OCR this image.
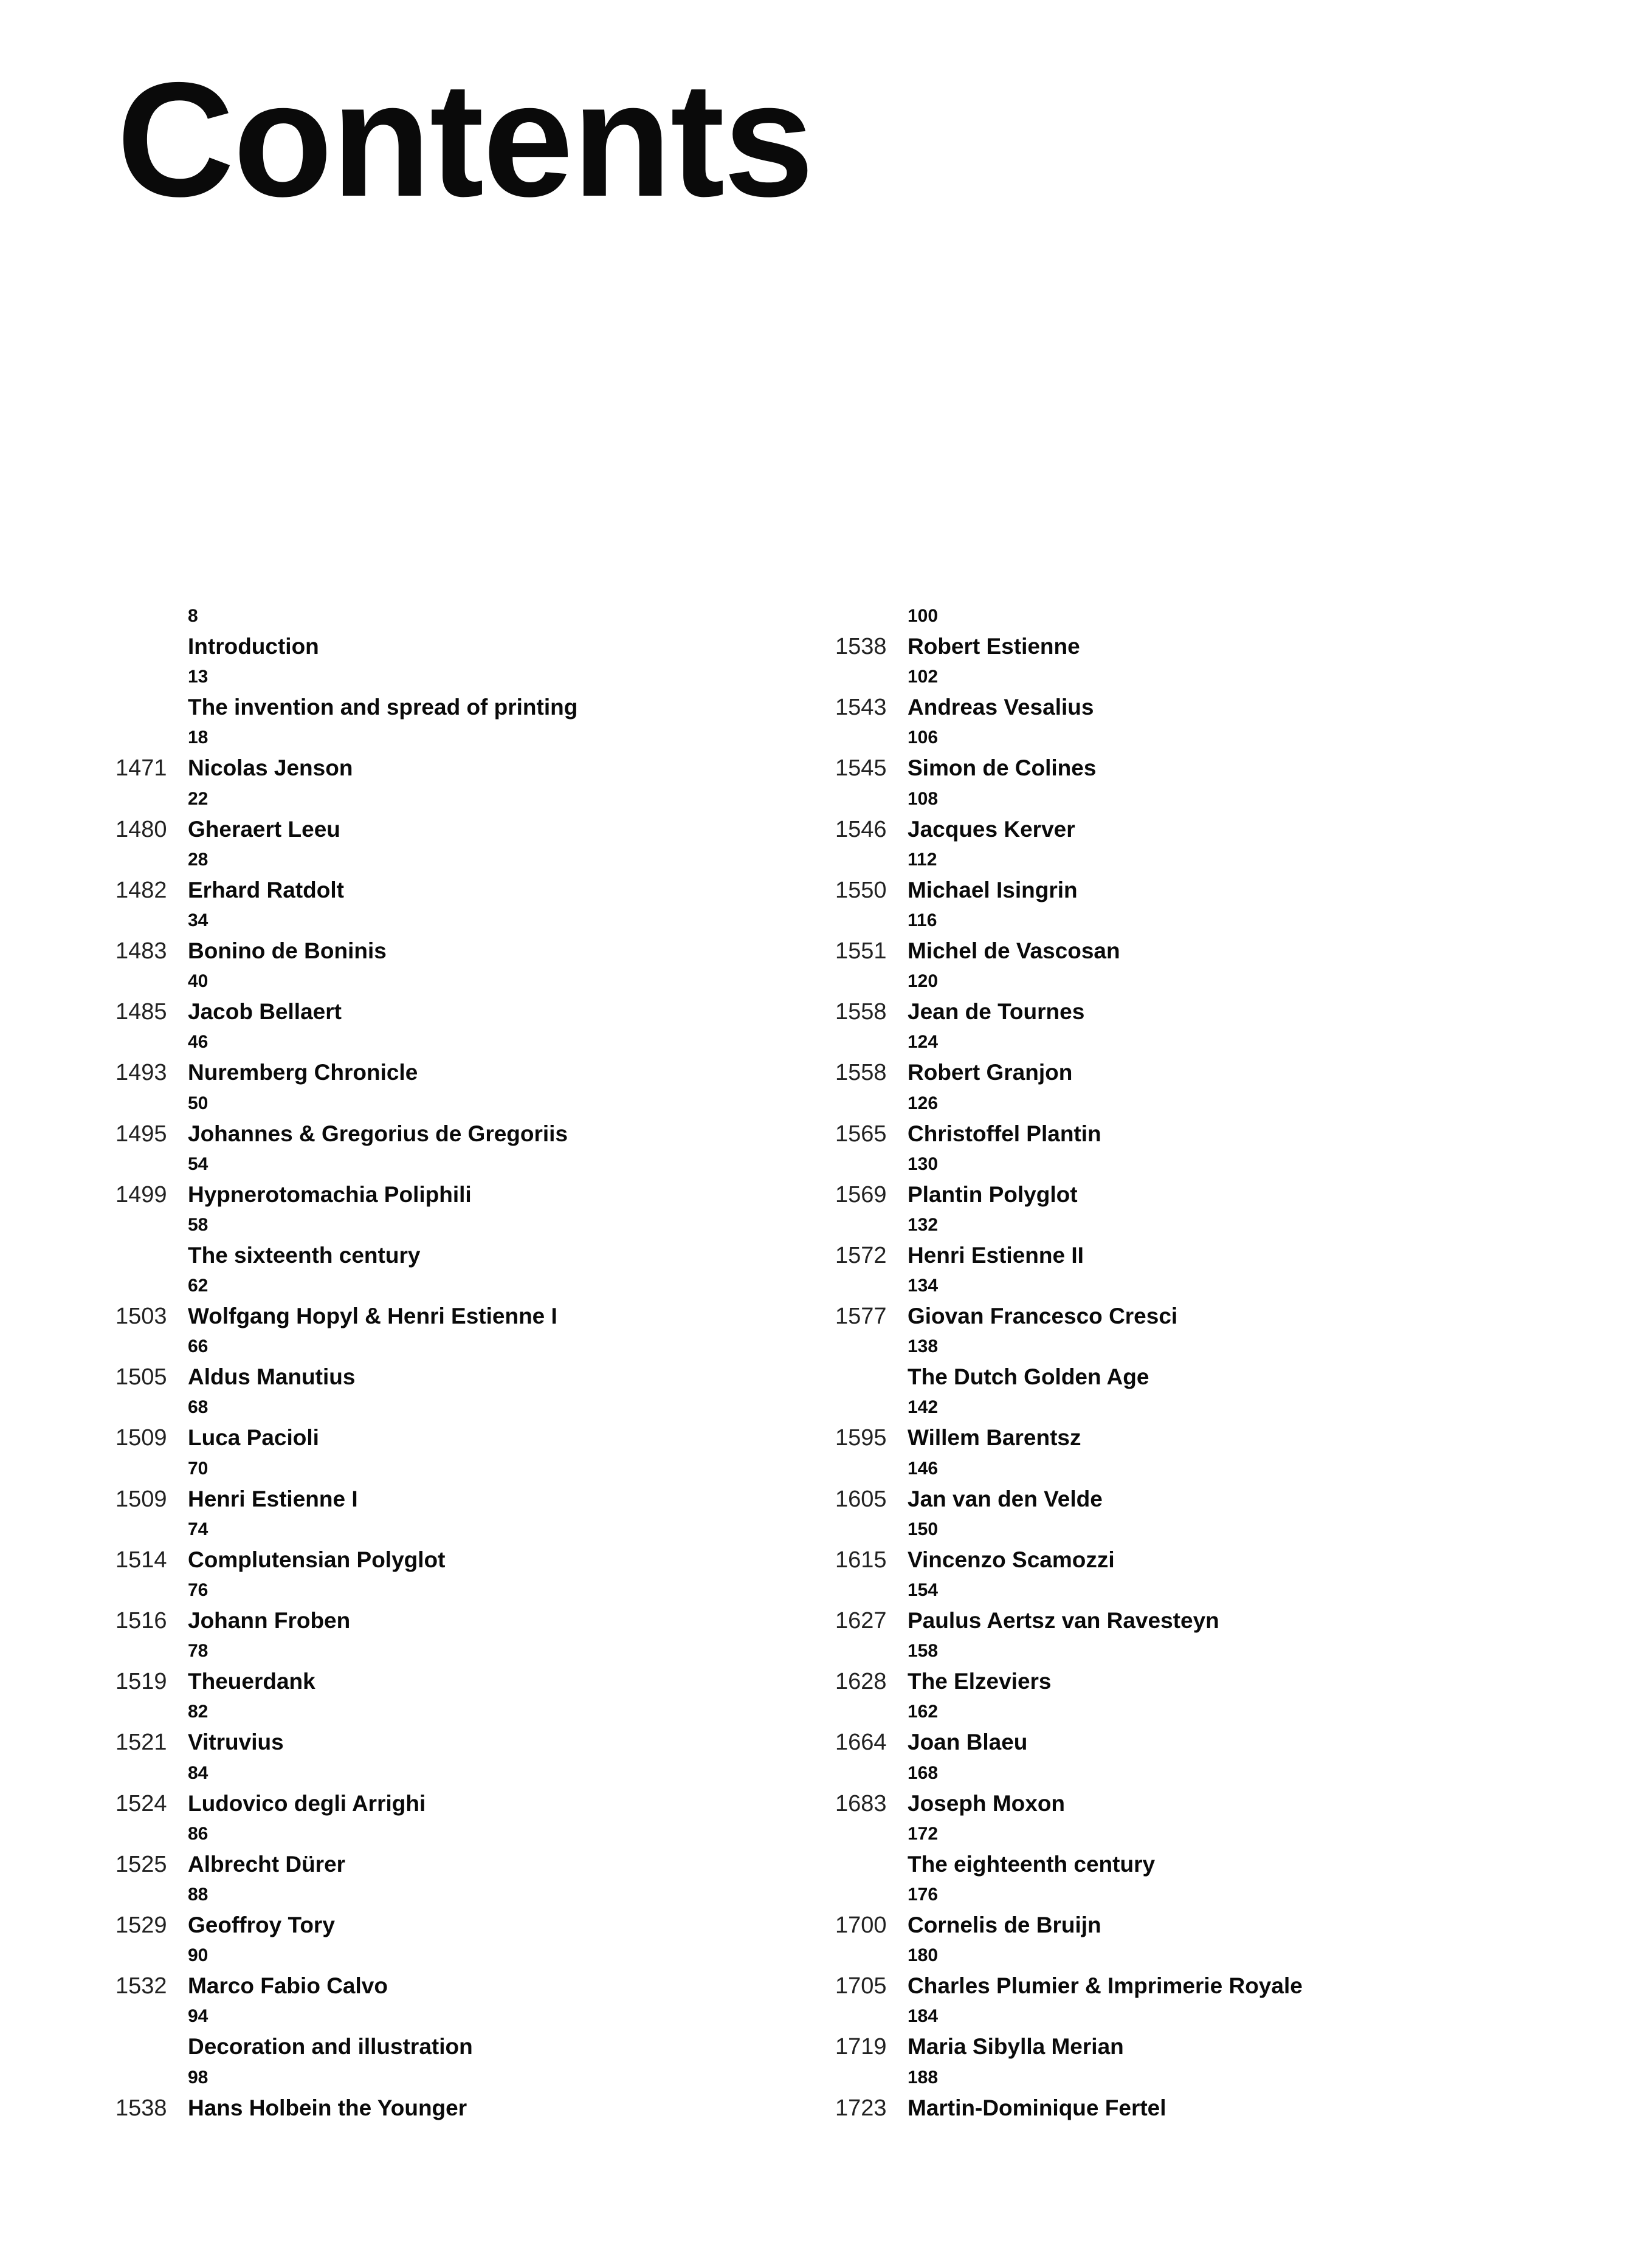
Contents
8
Introduction
13
The invention and spread of printing
18
1471 Nicolas Jenson
22
1480 Gheraert Leeu
28
1482 Erhard Ratdolt
34
1483 Bonino de Boninis
40
1485 Jacob Bellaert
46
1493 Nuremberg Chronicle
50
1495 Johannes & Gregorius de Gregoriis
54
1499 Hypnerotomachia Poliphili
58
The sixteenth century
62
1503 Wolfgang Hopyl & Henri Estienne I
66
1505 Aldus Manutius
68
1509 Luca Pacioli
70
1509 Henri Estienne I
74
1514 Complutensian Polyglot
76
1516 Johann Froben
78
1519 Theuerdank
82
1521 Vitruvius
84
1524 Ludovico degli Arrighi
86
1525 Albrecht Dürer
88
1529 Geoffroy Tory
90
1532 Marco Fabio Calvo
94
Decoration and illustration
98
1538 Hans Holbein the Younger
100
1538 Robert Estienne
102
1543 Andreas Vesalius
106
1545 Simon de Colines
108
1546 Jacques Kerver
112
1550 Michael Isingrin
116
1551 Michel de Vascosan
120
1558 Jean de Tournes
124
1558 Robert Granjon
126
1565 Christoffel Plantin
130
1569 Plantin Polyglot
132
1572 Henri Estienne II
134
1577 Giovan Francesco Cresci
138
The Dutch Golden Age
142
1595 Willem Barentsz
146
1605 Jan van den Velde
150
1615 Vincenzo Scamozzi
154
1627 Paulus Aertsz van Ravesteyn
158
1628 The Elzeviers
162
1664 Joan Blaeu
168
1683 Joseph Moxon
172
The eighteenth century
176
1700 Cornelis de Bruijn
180
1705 Charles Plumier & Imprimerie Royale
184
1719 Maria Sibylla Merian
188
1723 Martin-Dominique Fertel
